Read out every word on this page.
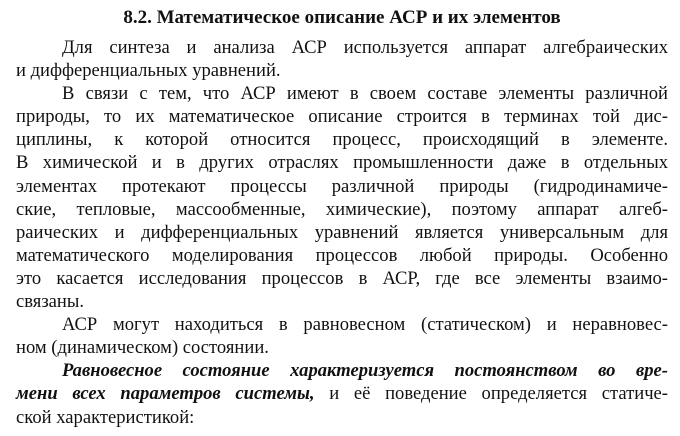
8.2. Математическое описание АСР и их элементов

Для синтеза и анализа АСР используется аппарат алгебраических
и дифференциальных уравнений.

В связи с тем, что АСР имеют в своем составе элементы различной
природы, то их математическое описание строится в терминах той дис-
циплины, к которой относится процесс, происходящий в элементе.
В химической и в других отраслях промышленности даже в отдельных
элементах протекают процессы различной природы (гидродинамиче-
ские, тепловые, массообменные, химические), поэтому аппарат алгеб-
раических и дифференциальных уравнений является универсальным для
математического моделирования процессов любой природы. Особенно
это касается исследования процессов в АСР, где все элементы взаимо-
связаны.

АСР могут находиться в равновесном (статическом) и неравновес-
ном (динамическом) состоянии.

Равновесное состояние характеризуется постоянством во вре-
мени всех параметров системы, и её поведение определяется статиче-
ской характеристикой:
